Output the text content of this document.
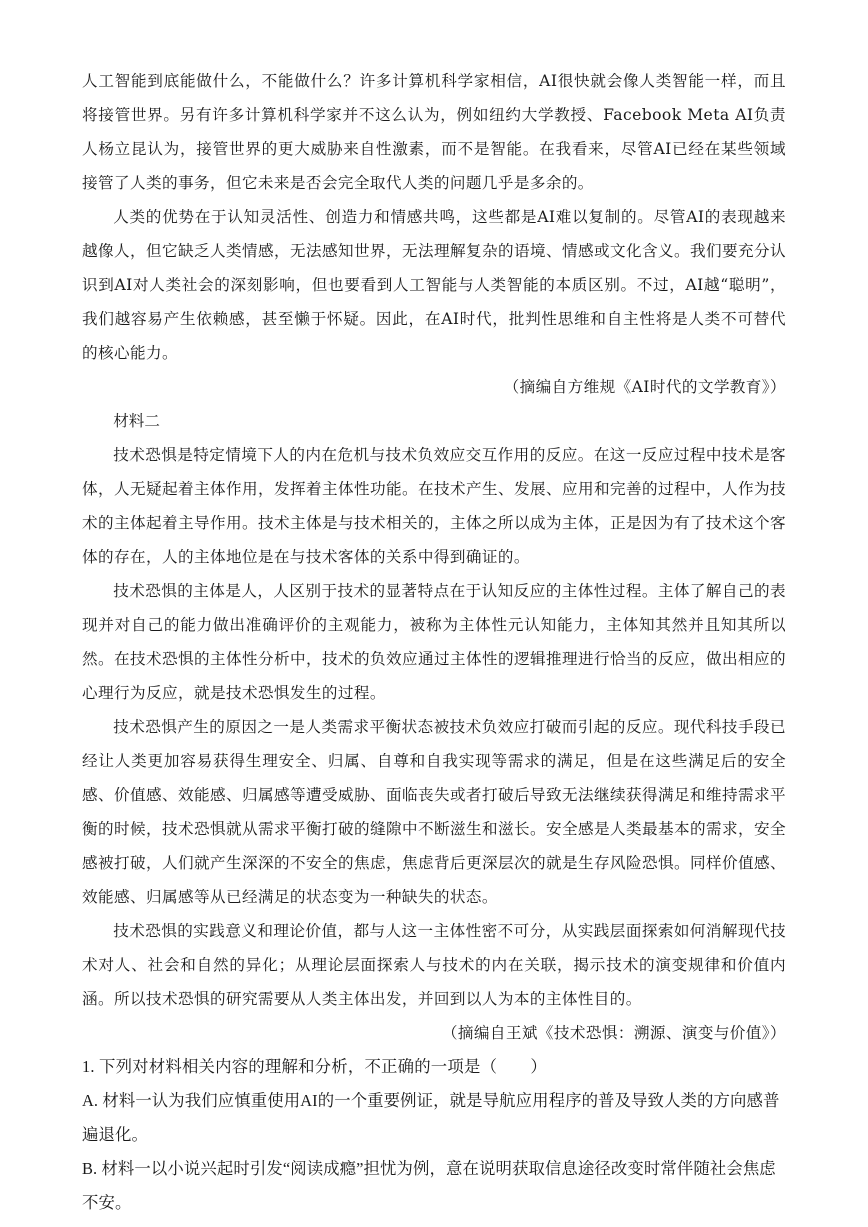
人工智能到底能做什么，不能做什么？许多计算机科学家相信，AI很快就会像人类智能一样，而且将接管世界。另有许多计算机科学家并不这么认为，例如纽约大学教授、Facebook Meta AI负责人杨立昆认为，接管世界的更大威胁来自性激素，而不是智能。在我看来，尽管AI已经在某些领域接管了人类的事务，但它未来是否会完全取代人类的问题几乎是多余的。

人类的优势在于认知灵活性、创造力和情感共鸣，这些都是AI难以复制的。尽管AI的表现越来越像人，但它缺乏人类情感，无法感知世界，无法理解复杂的语境、情感或文化含义。我们要充分认识到AI对人类社会的深刻影响，但也要看到人工智能与人类智能的本质区别。不过，AI越“聪明”，我们越容易产生依赖感，甚至懒于怀疑。因此，在AI时代，批判性思维和自主性将是人类不可替代的核心能力。

（摘编自方维规《AI时代的文学教育》）

材料二

技术恐惧是特定情境下人的内在危机与技术负效应交互作用的反应。在这一反应过程中技术是客体，人无疑起着主体作用，发挥着主体性功能。在技术产生、发展、应用和完善的过程中，人作为技术的主体起着主导作用。技术主体是与技术相关的，主体之所以成为主体，正是因为有了技术这个客体的存在，人的主体地位是在与技术客体的关系中得到确证的。

技术恐惧的主体是人，人区别于技术的显著特点在于认知反应的主体性过程。主体了解自己的表现并对自己的能力做出准确评价的主观能力，被称为主体性元认知能力，主体知其然并且知其所以然。在技术恐惧的主体性分析中，技术的负效应通过主体性的逻辑推理进行恰当的反应，做出相应的心理行为反应，就是技术恐惧发生的过程。

技术恐惧产生的原因之一是人类需求平衡状态被技术负效应打破而引起的反应。现代科技手段已经让人类更加容易获得生理安全、归属、自尊和自我实现等需求的满足，但是在这些满足后的安全感、价值感、效能感、归属感等遭受威胁、面临丧失或者打破后导致无法继续获得满足和维持需求平衡的时候，技术恐惧就从需求平衡打破的缝隙中不断滋生和滋长。安全感是人类最基本的需求，安全感被打破，人们就产生深深的不安全的焦虑，焦虑背后更深层次的就是生存风险恐惧。同样价值感、效能感、归属感等从已经满足的状态变为一种缺失的状态。

技术恐惧的实践意义和理论价值，都与人这一主体性密不可分，从实践层面探索如何消解现代技术对人、社会和自然的异化；从理论层面探索人与技术的内在关联，揭示技术的演变规律和价值内涵。所以技术恐惧的研究需要从人类主体出发，并回到以人为本的主体性目的。

（摘编自王斌《技术恐惧：溯源、演变与价值》）

1. 下列对材料相关内容的理解和分析，不正确的一项是（　　）

A. 材料一认为我们应慎重使用AI的一个重要例证，就是导航应用程序的普及导致人类的方向感普遍退化。

B. 材料一以小说兴起时引发“阅读成瘾”担忧为例，意在说明获取信息途径改变时常伴随社会焦虑不安。
